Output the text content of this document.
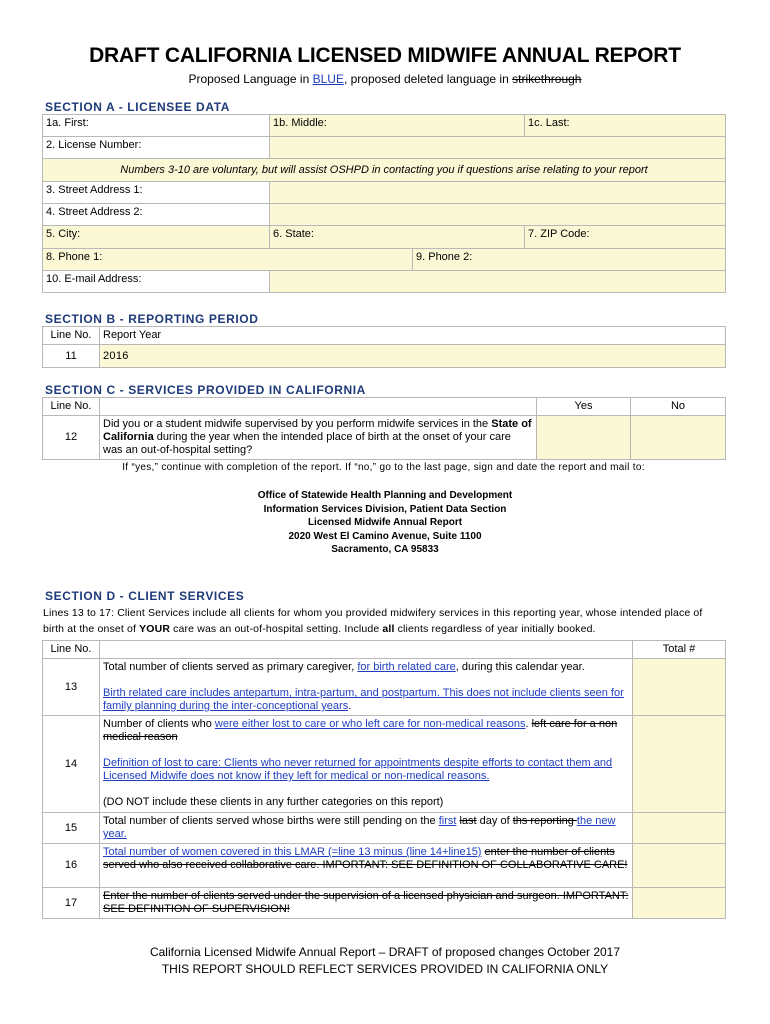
DRAFT CALIFORNIA LICENSED MIDWIFE ANNUAL REPORT
Proposed Language in BLUE, proposed deleted language in strikethrough
SECTION A - LICENSEE DATA
1a. First:	1b. Middle:		1c. Last:
2. License Number:			
Numbers 3-10 are voluntary, but will assist OSHPD in contacting you if questions arise relating to your report			
3. Street Address 1:			
4. Street Address 2:			
5. City:	6. State:		7. ZIP Code:
8. Phone 1:		9. Phone 2:	
10. E-mail Address:			
SECTION B - REPORTING PERIOD
Line No.	Report Year
11	2016
SECTION C - SERVICES PROVIDED IN CALIFORNIA
Line No.		Yes	No
12	Did you or a student midwife supervised by you perform midwife services in the State of California during the year when the intended place of birth at the onset of your care was an out-of-hospital setting?		
If “yes,” continue with completion of the report. If “no,” go to the last page, sign and date the report and mail to:
Office of Statewide Health Planning and Development
Information Services Division, Patient Data Section
Licensed Midwife Annual Report
2020 West El Camino Avenue, Suite 1100
Sacramento, CA 95833
SECTION D - CLIENT SERVICES
Lines 13 to 17: Client Services include all clients for whom you provided midwifery services in this reporting year, whose intended place of birth at the onset of YOUR care was an out-of-hospital setting. Include all clients regardless of year initially booked.
Line No.		Total #
13	Total number of clients served as primary caregiver, for birth related care, during this calendar year.
Birth related care includes antepartum, intra-partum, and postpartum. This does not include clients seen for family planning during the inter-conceptional years.	

14	Number of clients who were either lost to care or who left care for non-medical reasons. left care for a non medical reason
Definition of lost to care: Clients who never returned for appointments despite efforts to contact them and Licensed Midwife does not know if they left for medical or non-medical reasons.
(DO NOT include these clients in any further categories on this report)	

15	Total number of clients served whose births were still pending on the first last day of ths reporting the new year.	
16	Total number of women covered in this LMAR (=line 13 minus (line 14+line15) enter the number of clients served who also received collaborative care. IMPORTANT: SEE DEFINITION OF COLLABORATIVE CARE!	
17	Enter the number of clients served under the supervision of a licensed physician and surgeon. IMPORTANT: SEE DEFINITION OF SUPERVISION!	
California Licensed Midwife Annual Report – DRAFT of proposed changes October 2017
THIS REPORT SHOULD REFLECT SERVICES PROVIDED IN CALIFORNIA ONLY
